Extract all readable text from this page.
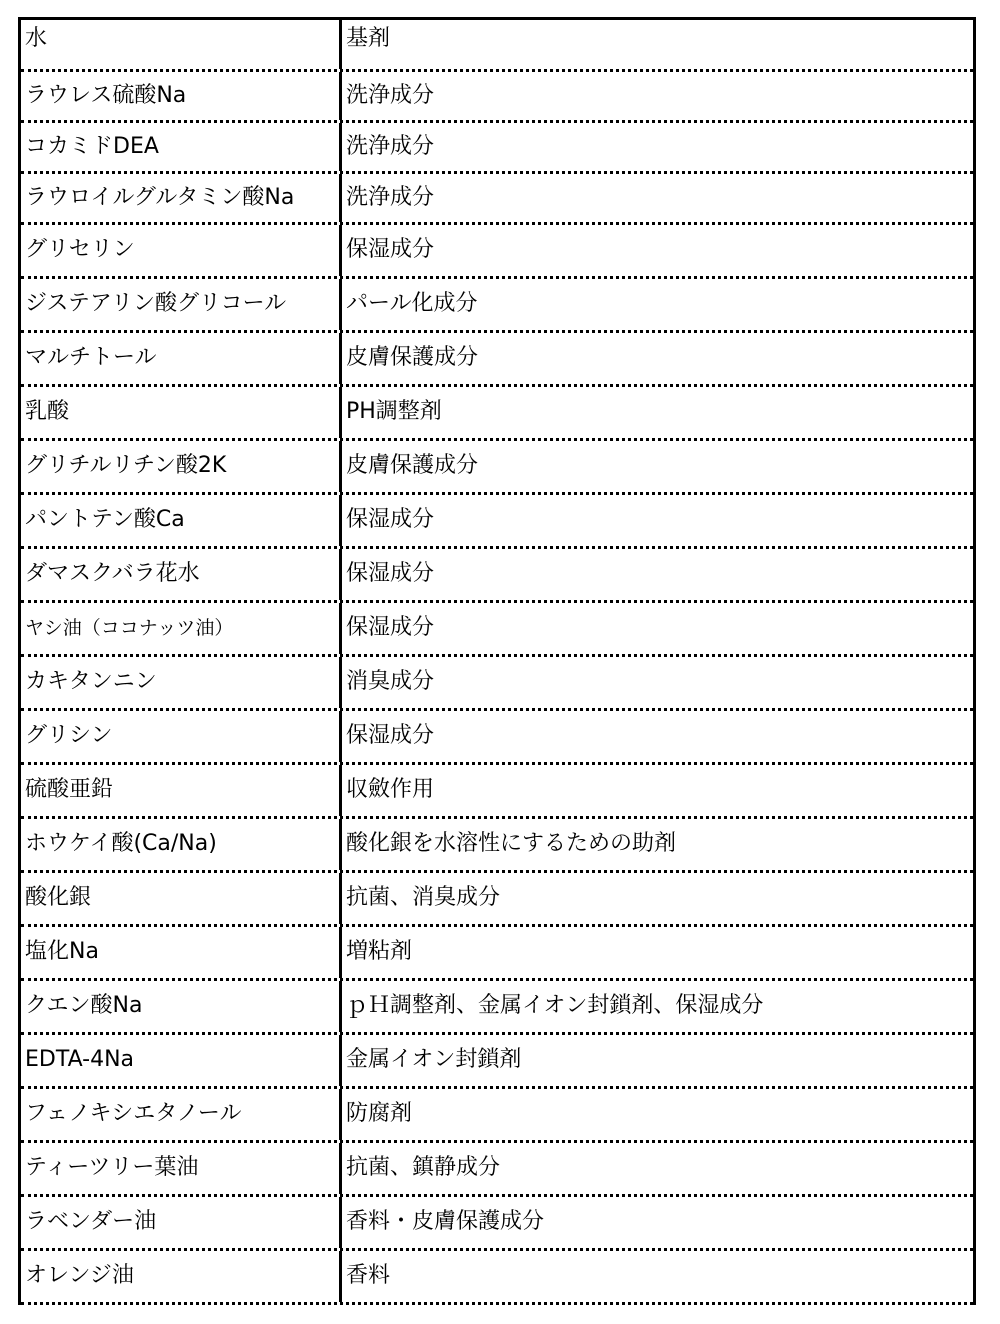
水	基剤
ラウレス硫酸Na	洗浄成分
コカミドDEA	洗浄成分
ラウロイルグルタミン酸Na	洗浄成分
グリセリン	保湿成分
ジステアリン酸グリコール	パール化成分
マルチトール	皮膚保護成分
乳酸	PH調整剤
グリチルリチン酸2K	皮膚保護成分
パントテン酸Ca	保湿成分
ダマスクバラ花水	保湿成分
ヤシ油（ココナッツ油）	保湿成分
カキタンニン	消臭成分
グリシン	保湿成分
硫酸亜鉛	収斂作用
ホウケイ酸(Ca/Na)	酸化銀を水溶性にするための助剤
酸化銀	抗菌、消臭成分
塩化Na	増粘剤
クエン酸Na	ｐＨ調整剤、金属イオン封鎖剤、保湿成分
EDTA-4Na	金属イオン封鎖剤
フェノキシエタノール	防腐剤
ティーツリー葉油	抗菌、鎮静成分
ラベンダー油	香料・皮膚保護成分
オレンジ油	香料
